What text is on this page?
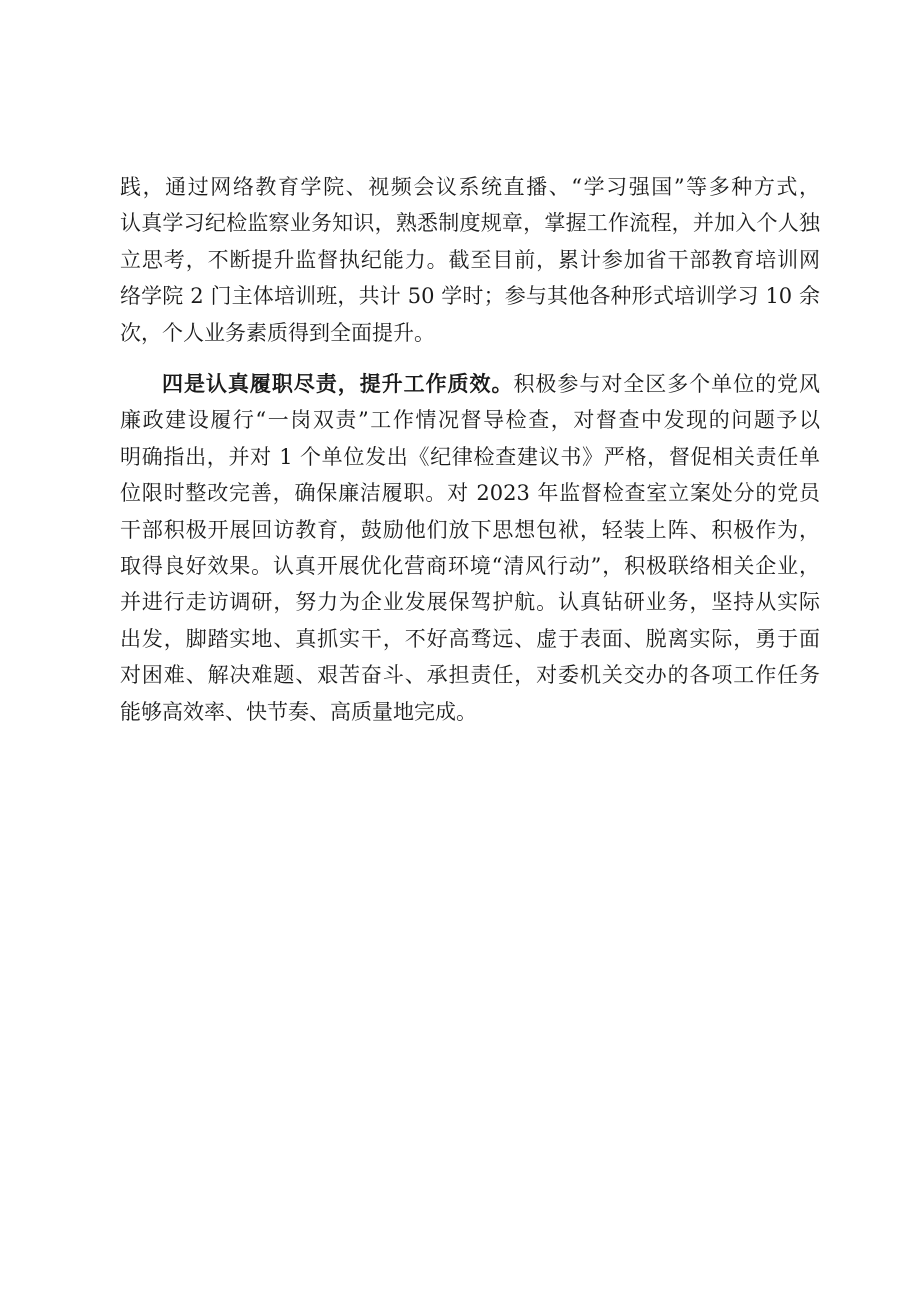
践，通过网络教育学院、视频会议系统直播、“学习强国”等多种方式，
认真学习纪检监察业务知识，熟悉制度规章，掌握工作流程，并加入个人独
立思考，不断提升监督执纪能力。截至目前，累计参加省干部教育培训网
络学院 2 门主体培训班，共计 50 学时；参与其他各种形式培训学习 10 余
次，个人业务素质得到全面提升。
四是认真履职尽责，提升工作质效。积极参与对全区多个单位的党风
廉政建设履行“一岗双责”工作情况督导检查，对督查中发现的问题予以
明确指出，并对 1 个单位发出《纪律检查建议书》严格，督促相关责任单
位限时整改完善，确保廉洁履职。对 2023 年监督检查室立案处分的党员
干部积极开展回访教育，鼓励他们放下思想包袱，轻装上阵、积极作为，
取得良好效果。认真开展优化营商环境“清风行动”，积极联络相关企业，
并进行走访调研，努力为企业发展保驾护航。认真钻研业务，坚持从实际
出发，脚踏实地、真抓实干，不好高骛远、虚于表面、脱离实际，勇于面
对困难、解决难题、艰苦奋斗、承担责任，对委机关交办的各项工作任务
能够高效率、快节奏、高质量地完成。
